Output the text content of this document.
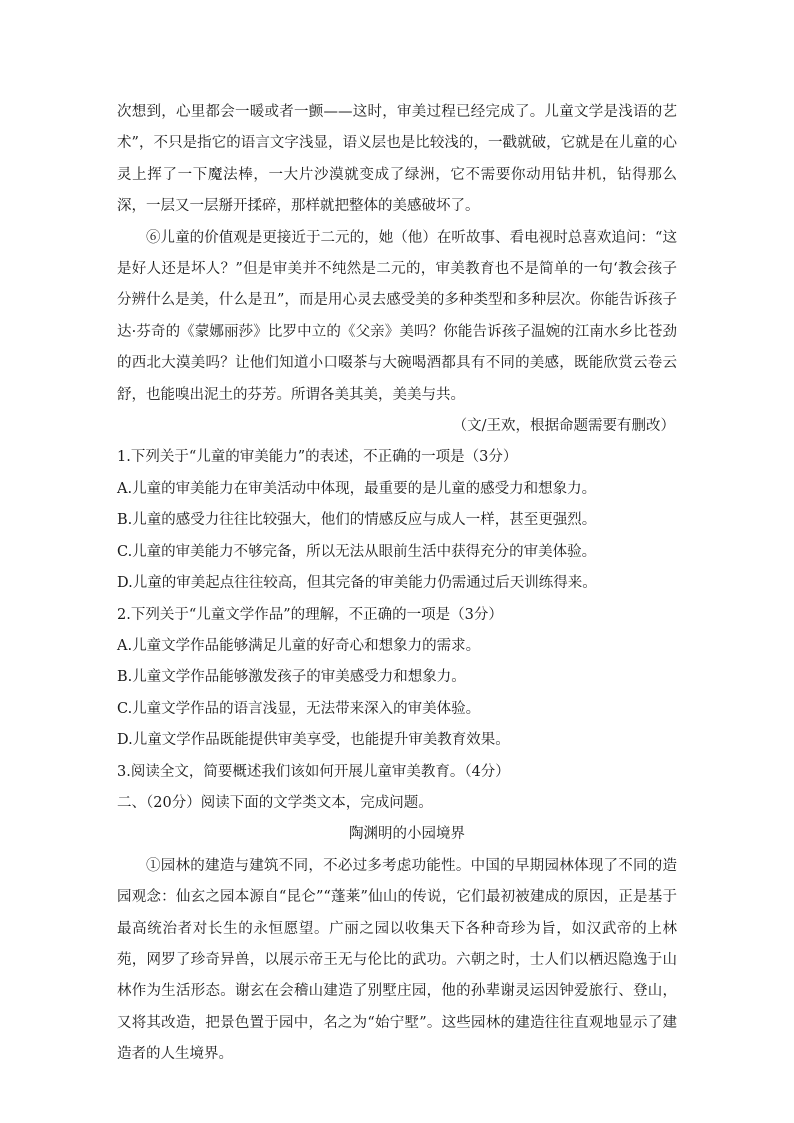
次想到，心里都会一暖或者一颤——这时，审美过程已经完成了。儿童文学是浅语的艺术”，不只是指它的语言文字浅显，语义层也是比较浅的，一戳就破，它就是在儿童的心灵上挥了一下魔法棒，一大片沙漠就变成了绿洲，它不需要你动用钻井机，钻得那么深，一层又一层掰开揉碎，那样就把整体的美感破坏了。

⑥儿童的价值观是更接近于二元的，她（他）在听故事、看电视时总喜欢追问：“这是好人还是坏人？”但是审美并不纯然是二元的，审美教育也不是简单的一句‘教会孩子分辨什么是美，什么是丑”，而是用心灵去感受美的多种类型和多种层次。你能告诉孩子达·芬奇的《蒙娜丽莎》比罗中立的《父亲》美吗？你能告诉孩子温婉的江南水乡比苍劲的西北大漠美吗？让他们知道小口啜茶与大碗喝酒都具有不同的美感，既能欣赏云卷云舒，也能嗅出泥土的芬芳。所谓各美其美，美美与共。

（文/王欢，根据命题需要有删改）

1.下列关于“儿童的审美能力”的表述，不正确的一项是（3分）

A.儿童的审美能力在审美活动中体现，最重要的是儿童的感受力和想象力。

B.儿童的感受力往往比较强大，他们的情感反应与成人一样，甚至更强烈。

C.儿童的审美能力不够完备，所以无法从眼前生活中获得充分的审美体验。

D.儿童的审美起点往往较高，但其完备的审美能力仍需通过后天训练得来。

2.下列关于“儿童文学作品”的理解，不正确的一项是（3分）

A.儿童文学作品能够满足儿童的好奇心和想象力的需求。

B.儿童文学作品能够激发孩子的审美感受力和想象力。

C.儿童文学作品的语言浅显，无法带来深入的审美体验。

D.儿童文学作品既能提供审美享受，也能提升审美教育效果。

3.阅读全文，简要概述我们该如何开展儿童审美教育。（4分）

二、（20分）阅读下面的文学类文本，完成问题。

陶渊明的小园境界

①园林的建造与建筑不同，不必过多考虑功能性。中国的早期园林体现了不同的造园观念：仙玄之园本源自“昆仑”“蓬莱”仙山的传说，它们最初被建成的原因，正是基于最高统治者对长生的永恒愿望。广丽之园以收集天下各种奇珍为旨，如汉武帝的上林苑，网罗了珍奇异兽，以展示帝王无与伦比的武功。六朝之时，士人们以栖迟隐逸于山林作为生活形态。谢玄在会稽山建造了别墅庄园，他的孙辈谢灵运因钟爱旅行、登山，又将其改造，把景色置于园中，名之为“始宁墅”。这些园林的建造往往直观地显示了建造者的人生境界。
